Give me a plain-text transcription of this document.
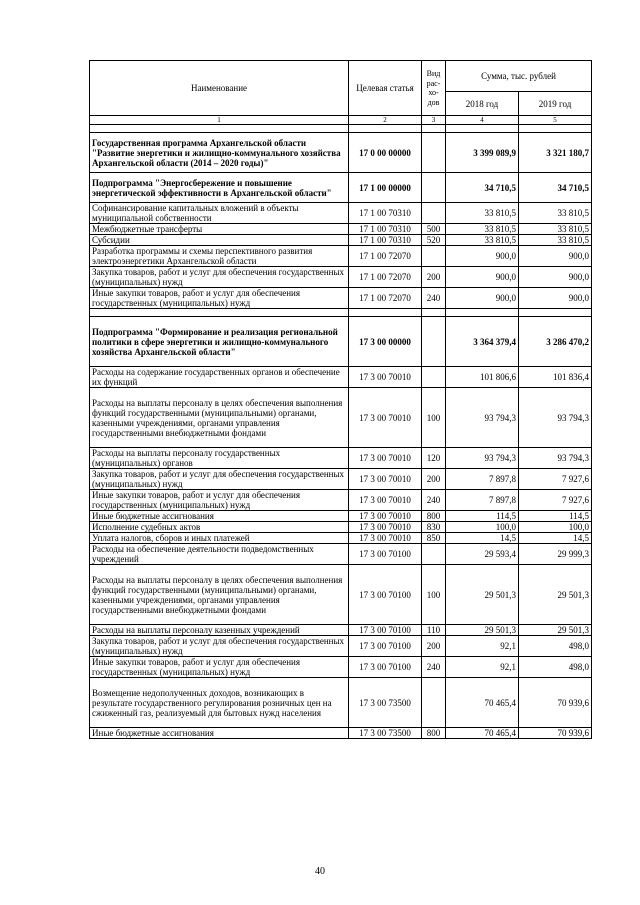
Наименование	Целевая статья	Вид рас- хо- дов	Сумма, тыс. рублей	
			2018 год	2019 год
1	2	3	4	5

Государственная программа Архангельской области "Развитие энергетики и жилищно-коммунального хозяйства Архангельской области (2014 – 2020 годы)"	17 0 00 00000		3 399 089,9	3 321 180,7
Подпрограмма "Энергосбережение и повышение энергетической эффективности в Архангельской области"	17 1 00 00000		34 710,5	34 710,5
Софинансирование капитальных вложений в объекты муниципальной собственности	17 1 00 70310		33 810,5	33 810,5
Межбюджетные трансферты	17 1 00 70310	500	33 810,5	33 810,5
Субсидии	17 1 00 70310	520	33 810,5	33 810,5
Разработка программы и схемы перспективного развития электроэнергетики Архангельской области	17 1 00 72070		900,0	900,0
Закупка товаров, работ и услуг для обеспечения государственных (муниципальных) нужд	17 1 00 72070	200	900,0	900,0
Иные закупки товаров, работ и услуг для обеспечения государственных (муниципальных) нужд	17 1 00 72070	240	900,0	900,0

Подпрограмма "Формирование и реализация региональной политики в сфере энергетики и жилищно-коммунального хозяйства Архангельской области"	17 3 00 00000		3 364 379,4	3 286 470,2
Расходы на содержание государственных органов и обеспечение их функций	17 3 00 70010		101 806,6	101 836,4
Расходы на выплаты персоналу в целях обеспечения выполнения функций государственными (муниципальными) органами, казенными учреждениями, органами управления государственными внебюджетными фондами	17 3 00 70010	100	93 794,3	93 794,3
Расходы на выплаты персоналу государственных (муниципальных) органов	17 3 00 70010	120	93 794,3	93 794,3
Закупка товаров, работ и услуг для обеспечения государственных (муниципальных) нужд	17 3 00 70010	200	7 897,8	7 927,6
Иные закупки товаров, работ и услуг для обеспечения государственных (муниципальных) нужд	17 3 00 70010	240	7 897,8	7 927,6
Иные бюджетные ассигнования	17 3 00 70010	800	114,5	114,5
Исполнение судебных актов	17 3 00 70010	830	100,0	100,0
Уплата налогов, сборов и иных платежей	17 3 00 70010	850	14,5	14,5
Расходы на обеспечение деятельности подведомственных учреждений	17 3 00 70100		29 593,4	29 999,3
Расходы на выплаты персоналу в целях обеспечения выполнения функций государственными (муниципальными) органами, казенными учреждениями, органами управления государственными внебюджетными фондами	17 3 00 70100	100	29 501,3	29 501,3
Расходы на выплаты персоналу казенных учреждений	17 3 00 70100	110	29 501,3	29 501,3
Закупка товаров, работ и услуг для обеспечения государственных (муниципальных) нужд	17 3 00 70100	200	92,1	498,0
Иные закупки товаров, работ и услуг для обеспечения государственных (муниципальных) нужд	17 3 00 70100	240	92,1	498,0
Возмещение недополученных доходов, возникающих в результате государственного регулирования розничных цен на сжиженный газ, реализуемый для бытовых нужд населения	17 3 00 73500		70 465,4	70 939,6
Иные бюджетные ассигнования	17 3 00 73500	800	70 465,4	70 939,6
40
